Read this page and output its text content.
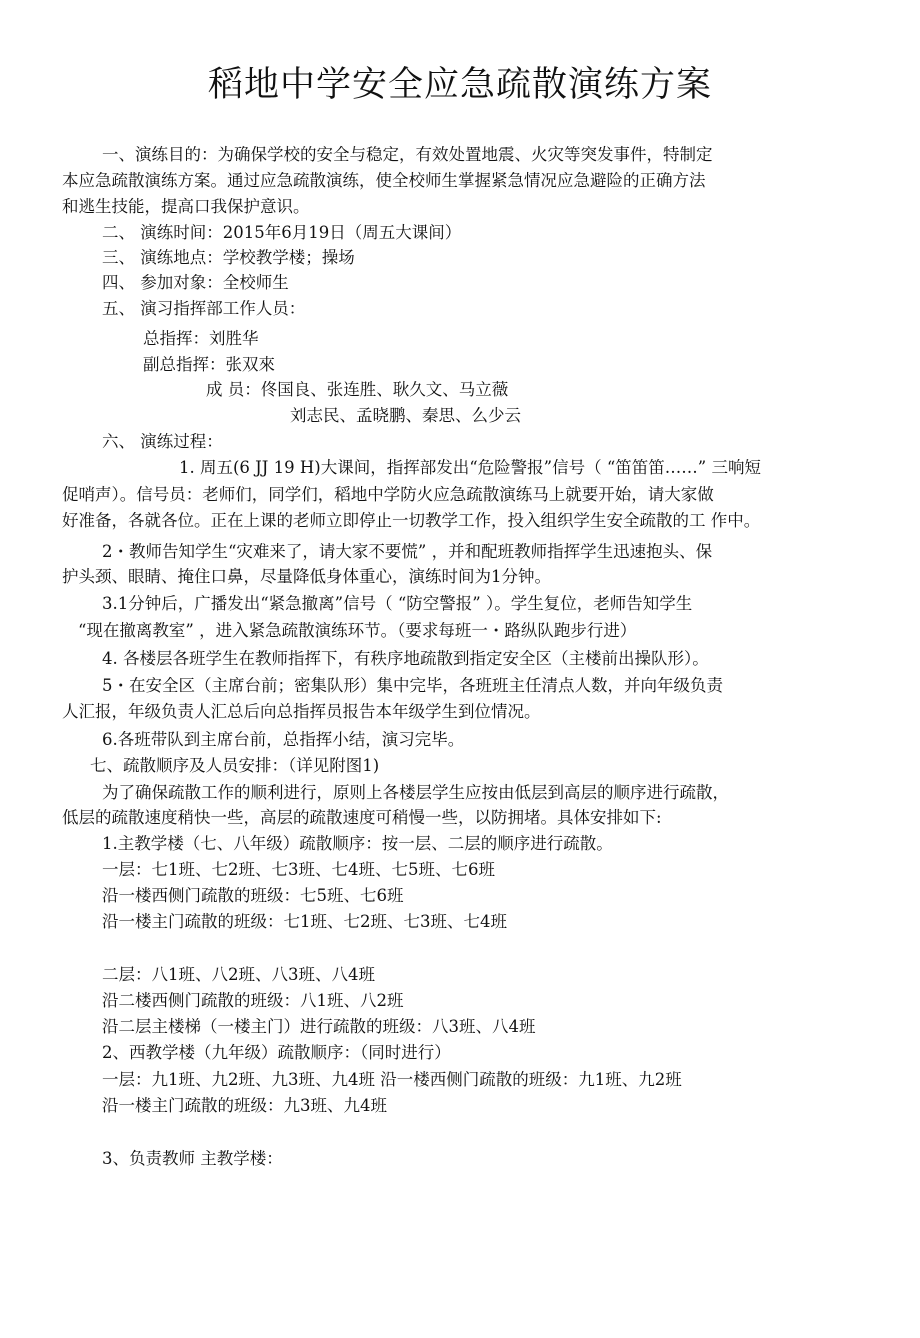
稻地中学安全应急疏散演练方案
一、演练目的：为确保学校的安全与稳定，有效处置地震、火灾等突发事件，特制定
本应急疏散演练方案。通过应急疏散演练，使全校师生掌握紧急情况应急避险的正确方法
和逃生技能，提高口我保护意识。
二、 演练时间：2015年6月19日（周五大课间）
三、 演练地点：学校教学楼；操场
四、 参加对象：全校师生
五、 演习指挥部工作人员：
总指挥：刘胜华
副总指挥：张双來
成 员：佟国良、张连胜、耿久文、马立薇
刘志民、孟晓鹏、秦思、么少云
六、 演练过程：
1. 周五(6 JJ 19 H)大课间，指挥部发出“危险警报”信号（ “笛笛笛……” 三响短
促哨声）。信号员：老师们，同学们，稻地中学防火应急疏散演练马上就要开始，请大家做
好准备，各就各位。正在上课的老师立即停止一切教学工作，投入组织学生安全疏散的工 作中。
2・教师告知学生“灾难来了，请大家不要慌” ，并和配班教师指挥学生迅速抱头、保
护头颈、眼睛、掩住口鼻，尽量降低身体重心，演练时间为1分钟。
3.1分钟后，广播发出“紧急撤离”信号（ “防空警报” ）。学生复位，老师告知学生
“现在撤离教室” ，进入紧急疏散演练环节。（要求每班一・路纵队跑步行进）
4. 各楼层各班学生在教师指挥下，有秩序地疏散到指定安全区（主楼前出操队形）。
5・在安全区（主席台前；密集队形）集中完毕，各班班主任清点人数，并向年级负责
人汇报，年级负责人汇总后向总指挥员报告本年级学生到位情况。
6.各班带队到主席台前，总指挥小结，演习完毕。
七、疏散顺序及人员安排：（详见附图1)
为了确保疏散工作的顺利进行，原则上各楼层学生应按由低层到高层的顺序进行疏散，
低层的疏散速度稍快一些，高层的疏散速度可稍慢一些，以防拥堵。具体安排如下:
1.主教学楼（七、八年级）疏散顺序：按一层、二层的顺序进行疏散。
一层：七1班、七2班、七3班、七4班、七5班、七6班
沿一楼西侧门疏散的班级：七5班、七6班
沿一楼主门疏散的班级：七1班、七2班、七3班、七4班
二层：八1班、八2班、八3班、八4班
沿二楼西侧门疏散的班级：八1班、八2班
沿二层主楼梯（一楼主门）进行疏散的班级：八3班、八4班
2、西教学楼（九年级）疏散顺序：（同时进行）
一层：九1班、九2班、九3班、九4班 沿一楼西侧门疏散的班级：九1班、九2班
沿一楼主门疏散的班级：九3班、九4班
3、负责教师 主教学楼：
